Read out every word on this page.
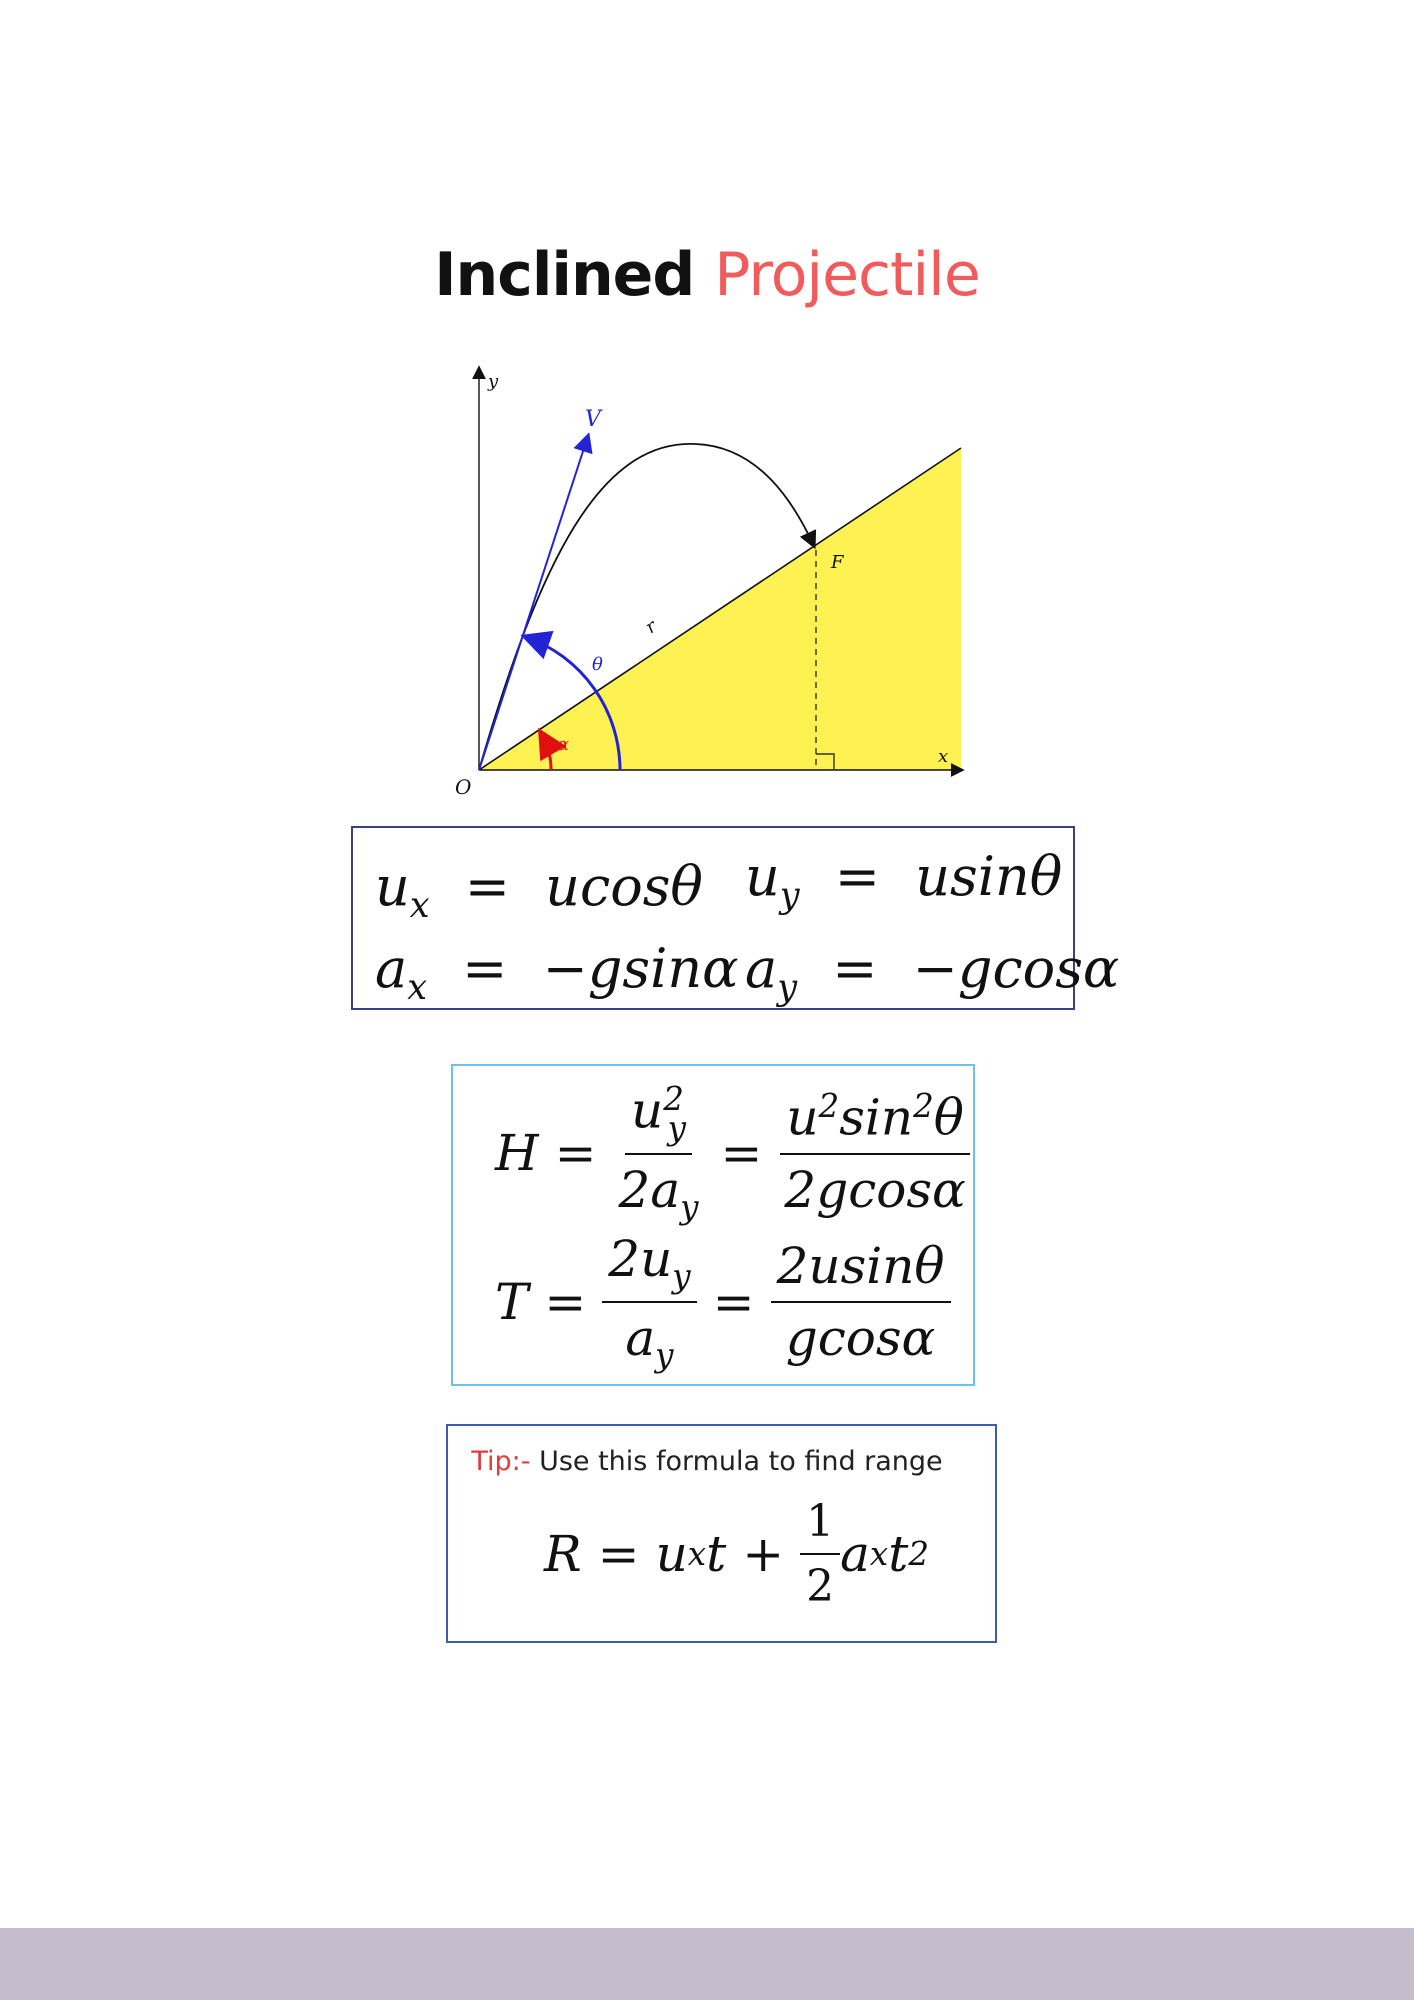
Inclined Projectile
y
x
O
V
θ
α
r
F
$u_x = ucos\theta$ $u_y = usin\theta$
$a_x = -gsin\alpha$ $a_y = -gcos\alpha$
$H = \frac{u^2_y}{2a_y} = \frac{u^2\sin^2\theta}{2gcos\alpha}$
$T = \frac{2u_y}{a_y} = \frac{2usin\theta}{gcos\alpha}$
Tip:- Use this formula to find range
R = u x $t + \frac{1}{2}$ a x t 2
